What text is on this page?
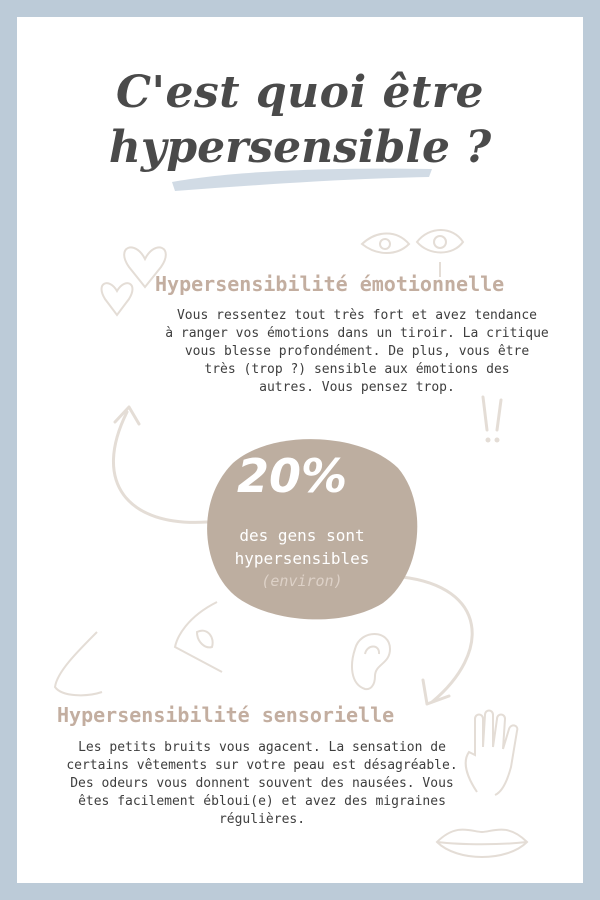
C'est quoi être
hypersensible ?
Hypersensibilité émotionnelle
Vous ressentez tout très fort et avez tendance
à ranger vos émotions dans un tiroir. La critique
vous blesse profondément. De plus, vous être
très (trop ?) sensible aux émotions des
autres. Vous pensez trop.
20%
des gens sont
hypersensibles
(environ)
Hypersensibilité sensorielle
Les petits bruits vous agacent. La sensation de
certains vêtements sur votre peau est désagréable.
Des odeurs vous donnent souvent des nausées. Vous
êtes facilement ébloui(e) et avez des migraines
régulières.
